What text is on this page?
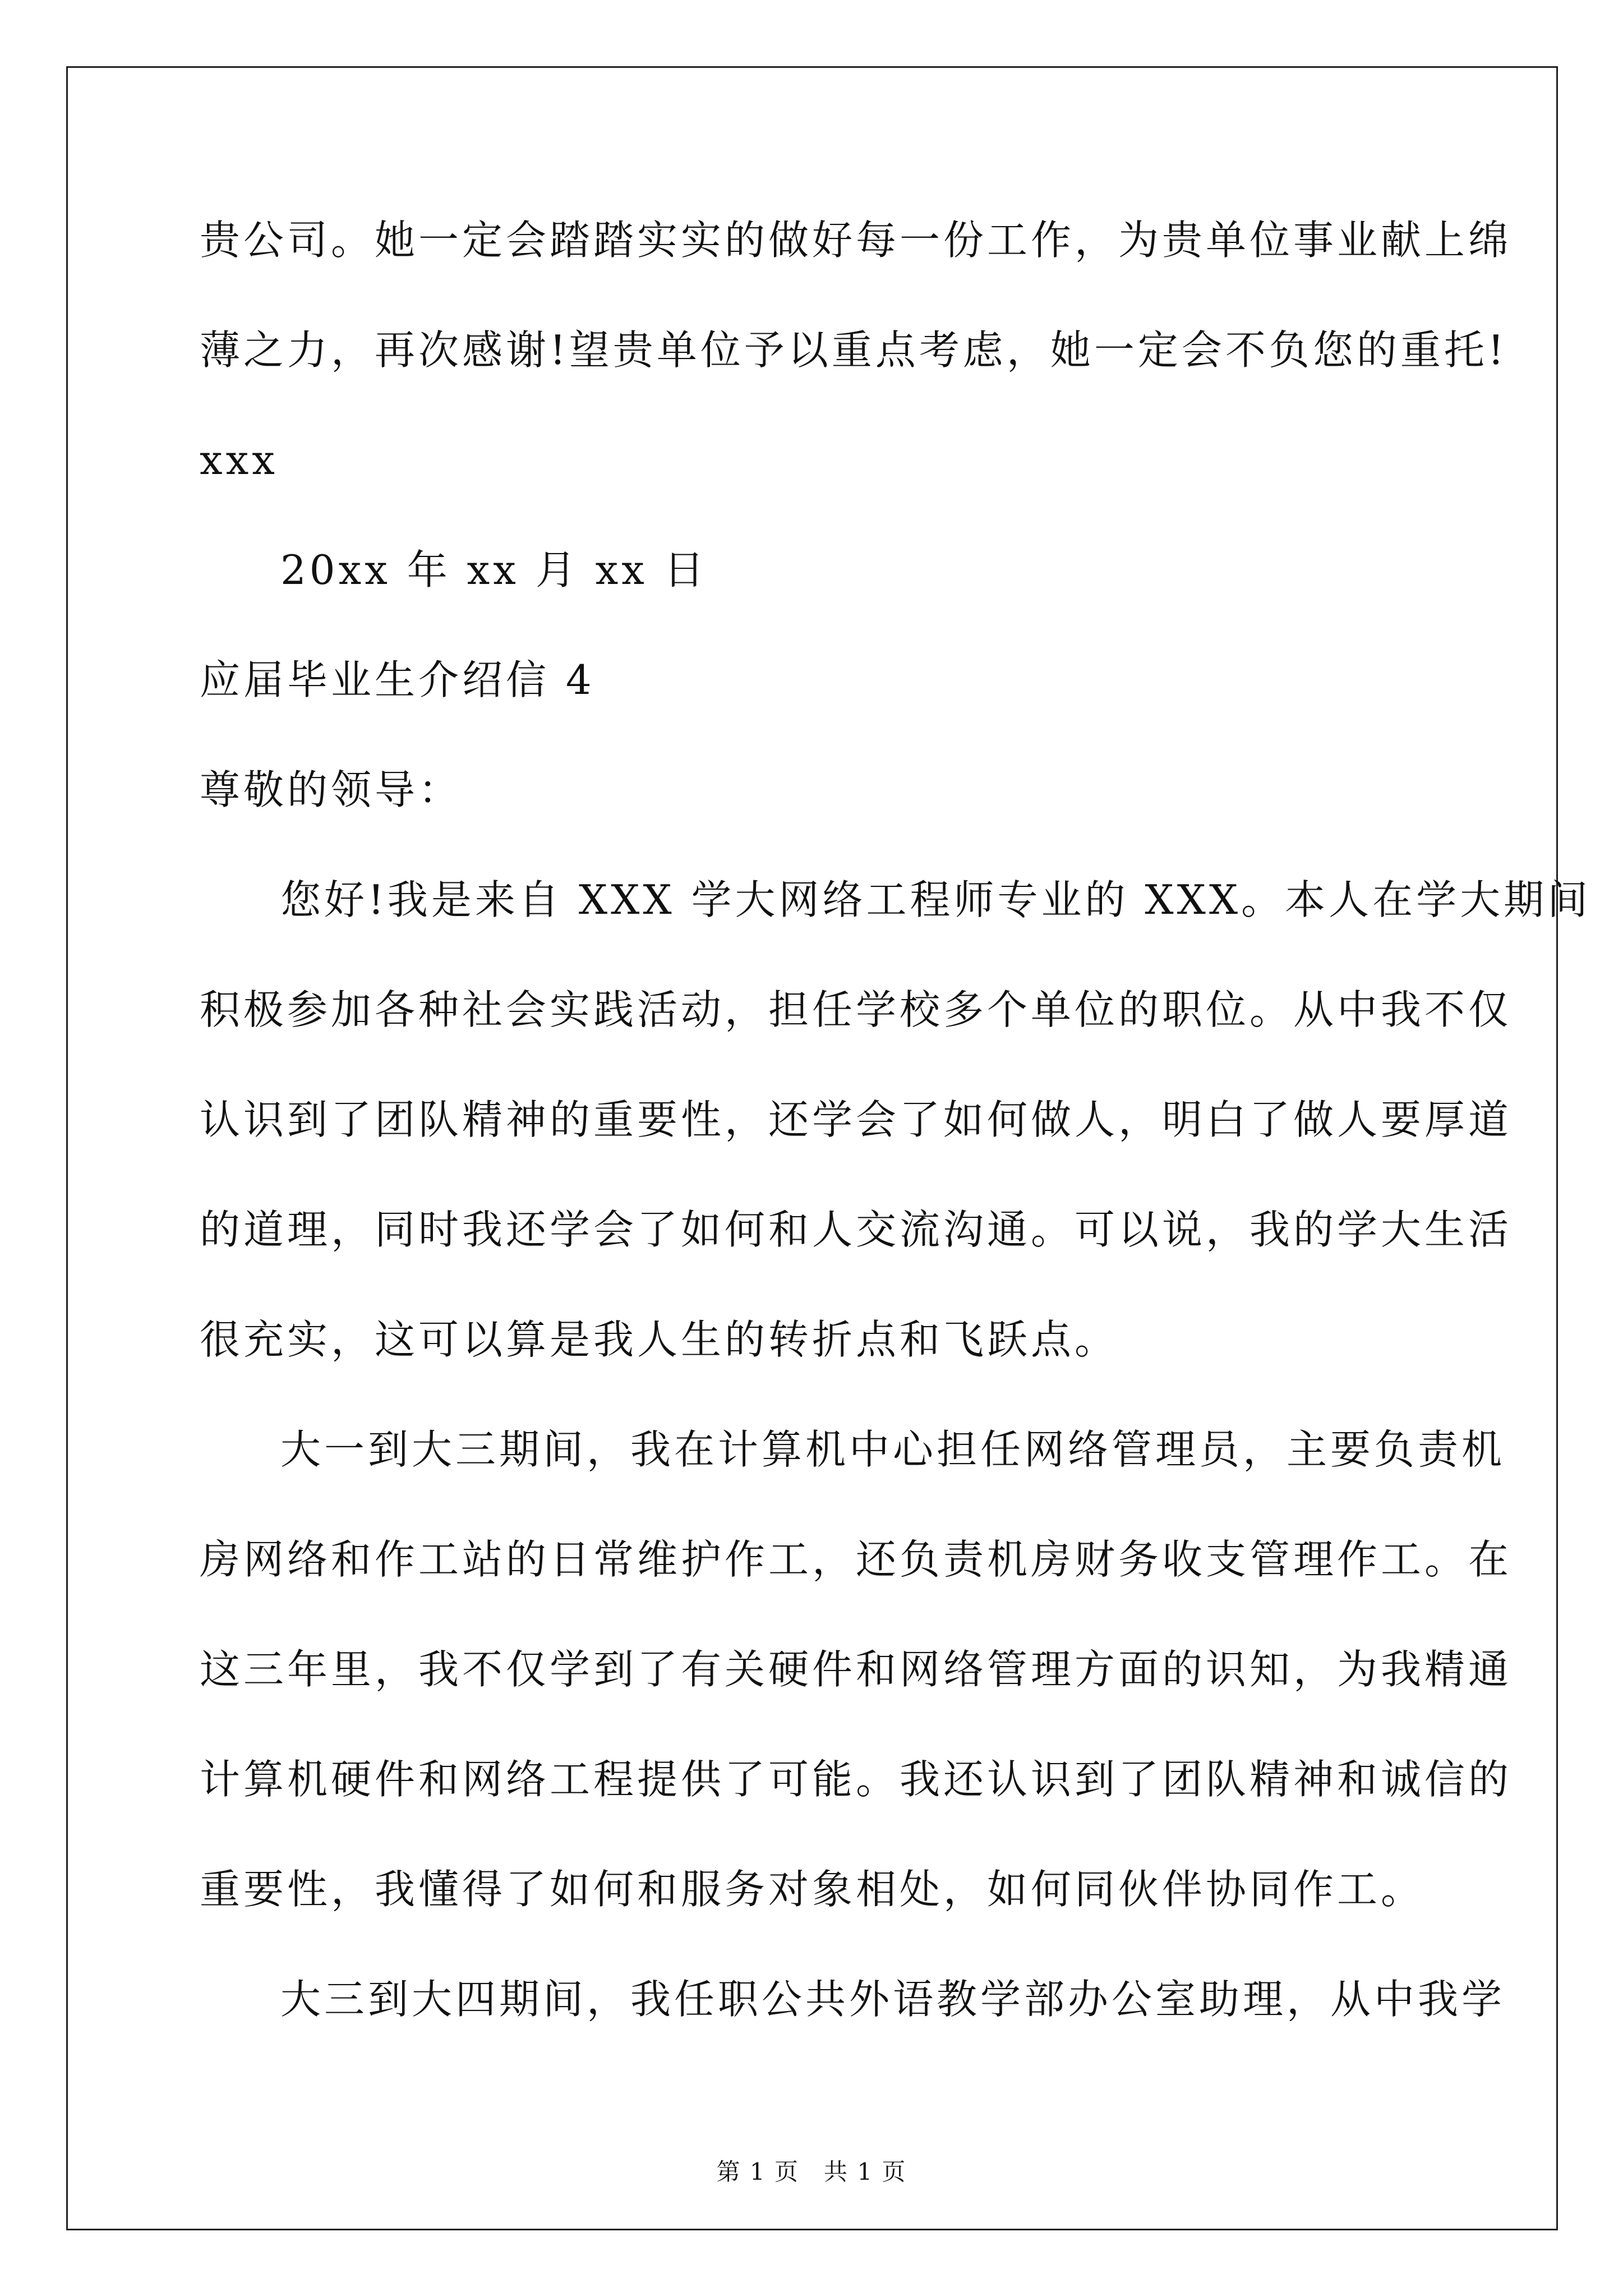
贵公司。她一定会踏踏实实的做好每一份工作，为贵单位事业献上绵

薄之力，再次感谢!望贵单位予以重点考虑，她一定会不负您的重托!

xxx

20xx 年 xx 月 xx 日

应届毕业生介绍信 4

尊敬的领导：

您好!我是来自 XXX 学大网络工程师专业的 XXX。本人在学大期间

积极参加各种社会实践活动，担任学校多个单位的职位。从中我不仅

认识到了团队精神的重要性，还学会了如何做人，明白了做人要厚道

的道理，同时我还学会了如何和人交流沟通。可以说，我的学大生活

很充实，这可以算是我人生的转折点和飞跃点。

大一到大三期间，我在计算机中心担任网络管理员，主要负责机

房网络和作工站的日常维护作工，还负责机房财务收支管理作工。在

这三年里，我不仅学到了有关硬件和网络管理方面的识知，为我精通

计算机硬件和网络工程提供了可能。我还认识到了团队精神和诚信的

重要性，我懂得了如何和服务对象相处，如何同伙伴协同作工。

大三到大四期间，我任职公共外语教学部办公室助理，从中我学

第 1 页　共 1 页
